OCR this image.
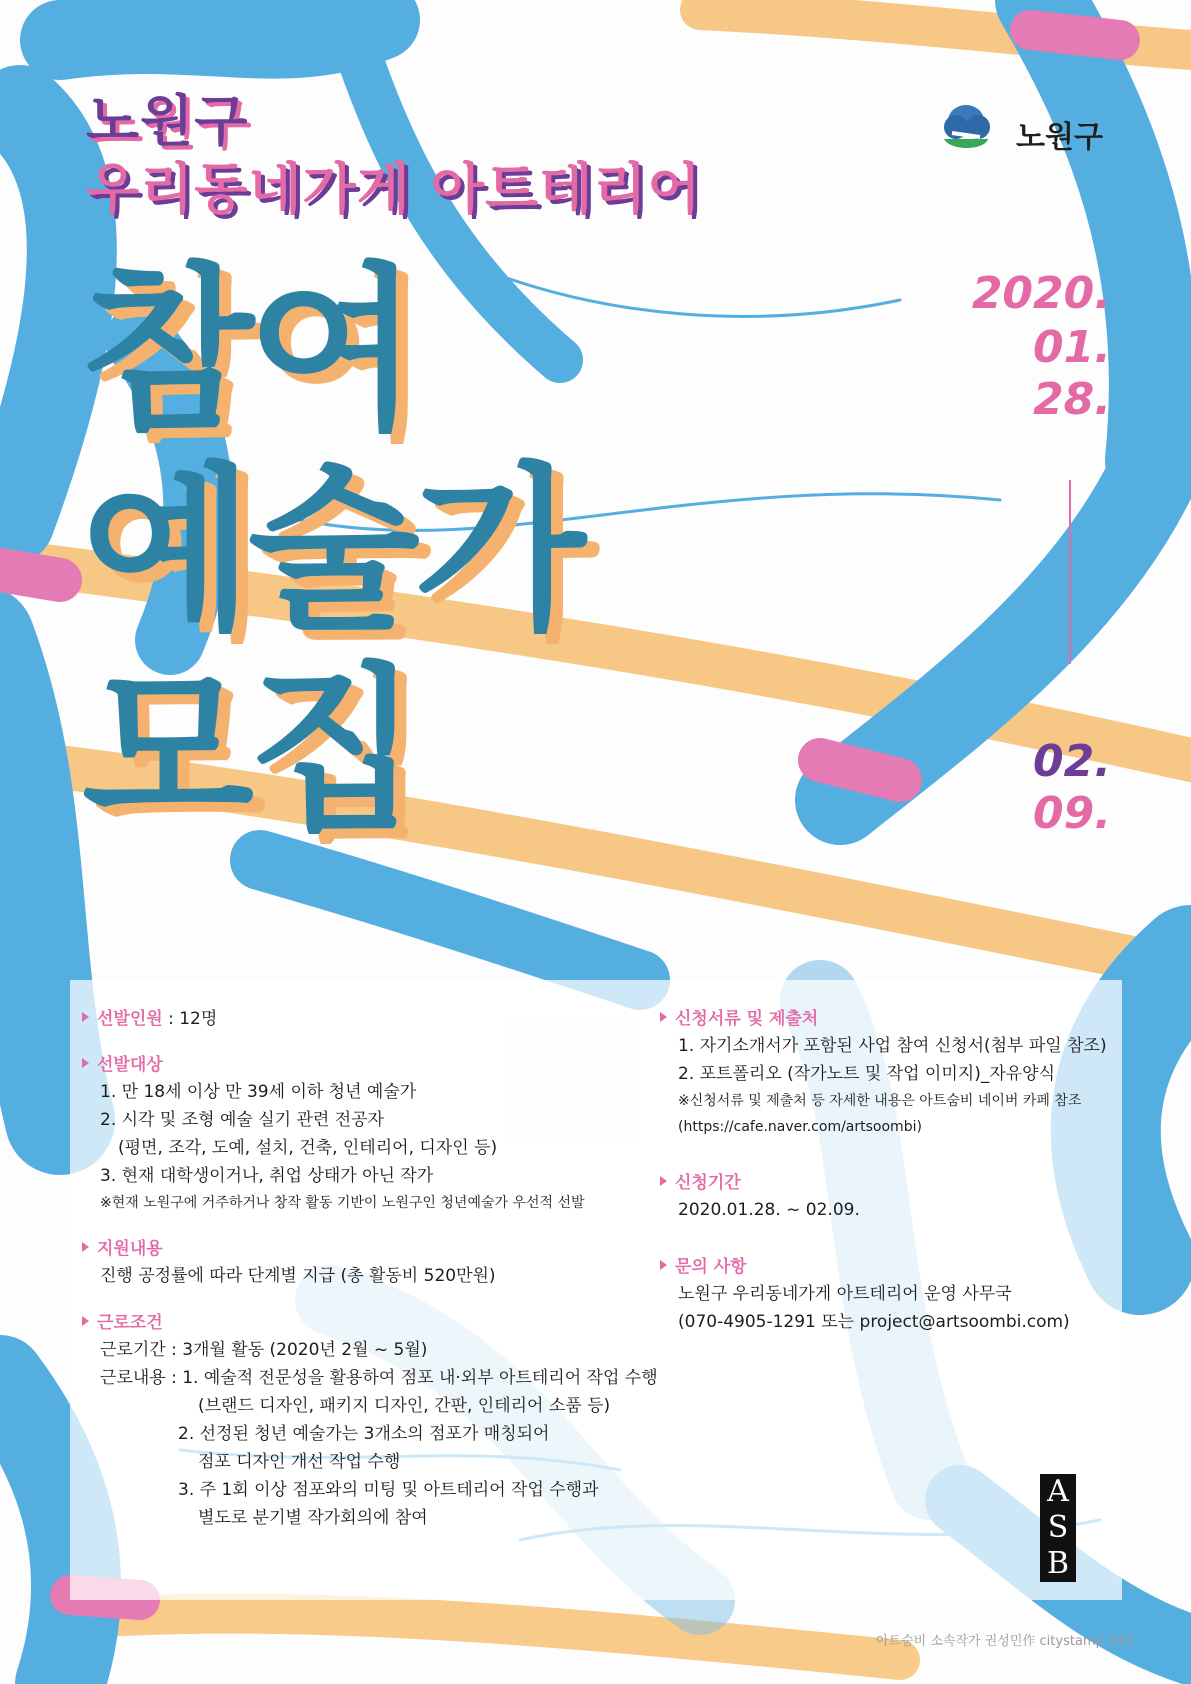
노원구
우리동네가게 아트테리어
노원구
참여
예술가
모집
2020.
01.
28.
02.
09.
선발인원 : 12명
선발대상
1. 만 18세 이상 만 39세 이하 청년 예술가
2. 시각 및 조형 예술 실기 관련 전공자
(평면, 조각, 도예, 설치, 건축, 인테리어, 디자인 등)
3. 현재 대학생이거나, 취업 상태가 아닌 작가
※현재 노원구에 거주하거나 창작 활동 기반이 노원구인 청년예술가 우선적 선발
지원내용
진행 공정률에 따라 단계별 지급 (총 활동비 520만원)
근로조건
근로기간 : 3개월 활동 (2020년 2월 ~ 5월)
근로내용 : 1. 예술적 전문성을 활용하여 점포 내·외부 아트테리어 작업 수행
(브랜드 디자인, 패키지 디자인, 간판, 인테리어 소품 등)
2. 선정된 청년 예술가는 3개소의 점포가 매칭되어
점포 디자인 개선 작업 수행
3. 주 1회 이상 점포와의 미팅 및 아트테리어 작업 수행과
별도로 분기별 작가회의에 참여
신청서류 및 제출처
1. 자기소개서가 포함된 사업 참여 신청서(첨부 파일 참조)
2. 포트폴리오 (작가노트 및 작업 이미지)_자유양식
※신청서류 및 제출처 등 자세한 내용은 아트숨비 네이버 카페 참조
(https://cafe.naver.com/artsoombi)
신청기간
2020.01.28. ~ 02.09.
문의 사항
노원구 우리동네가게 아트테리어 운영 사무국
(070-4905-1291 또는 project@artsoombi.com)
A
S
B
아트숨비 소속작가 권성민作 citystamp #01
